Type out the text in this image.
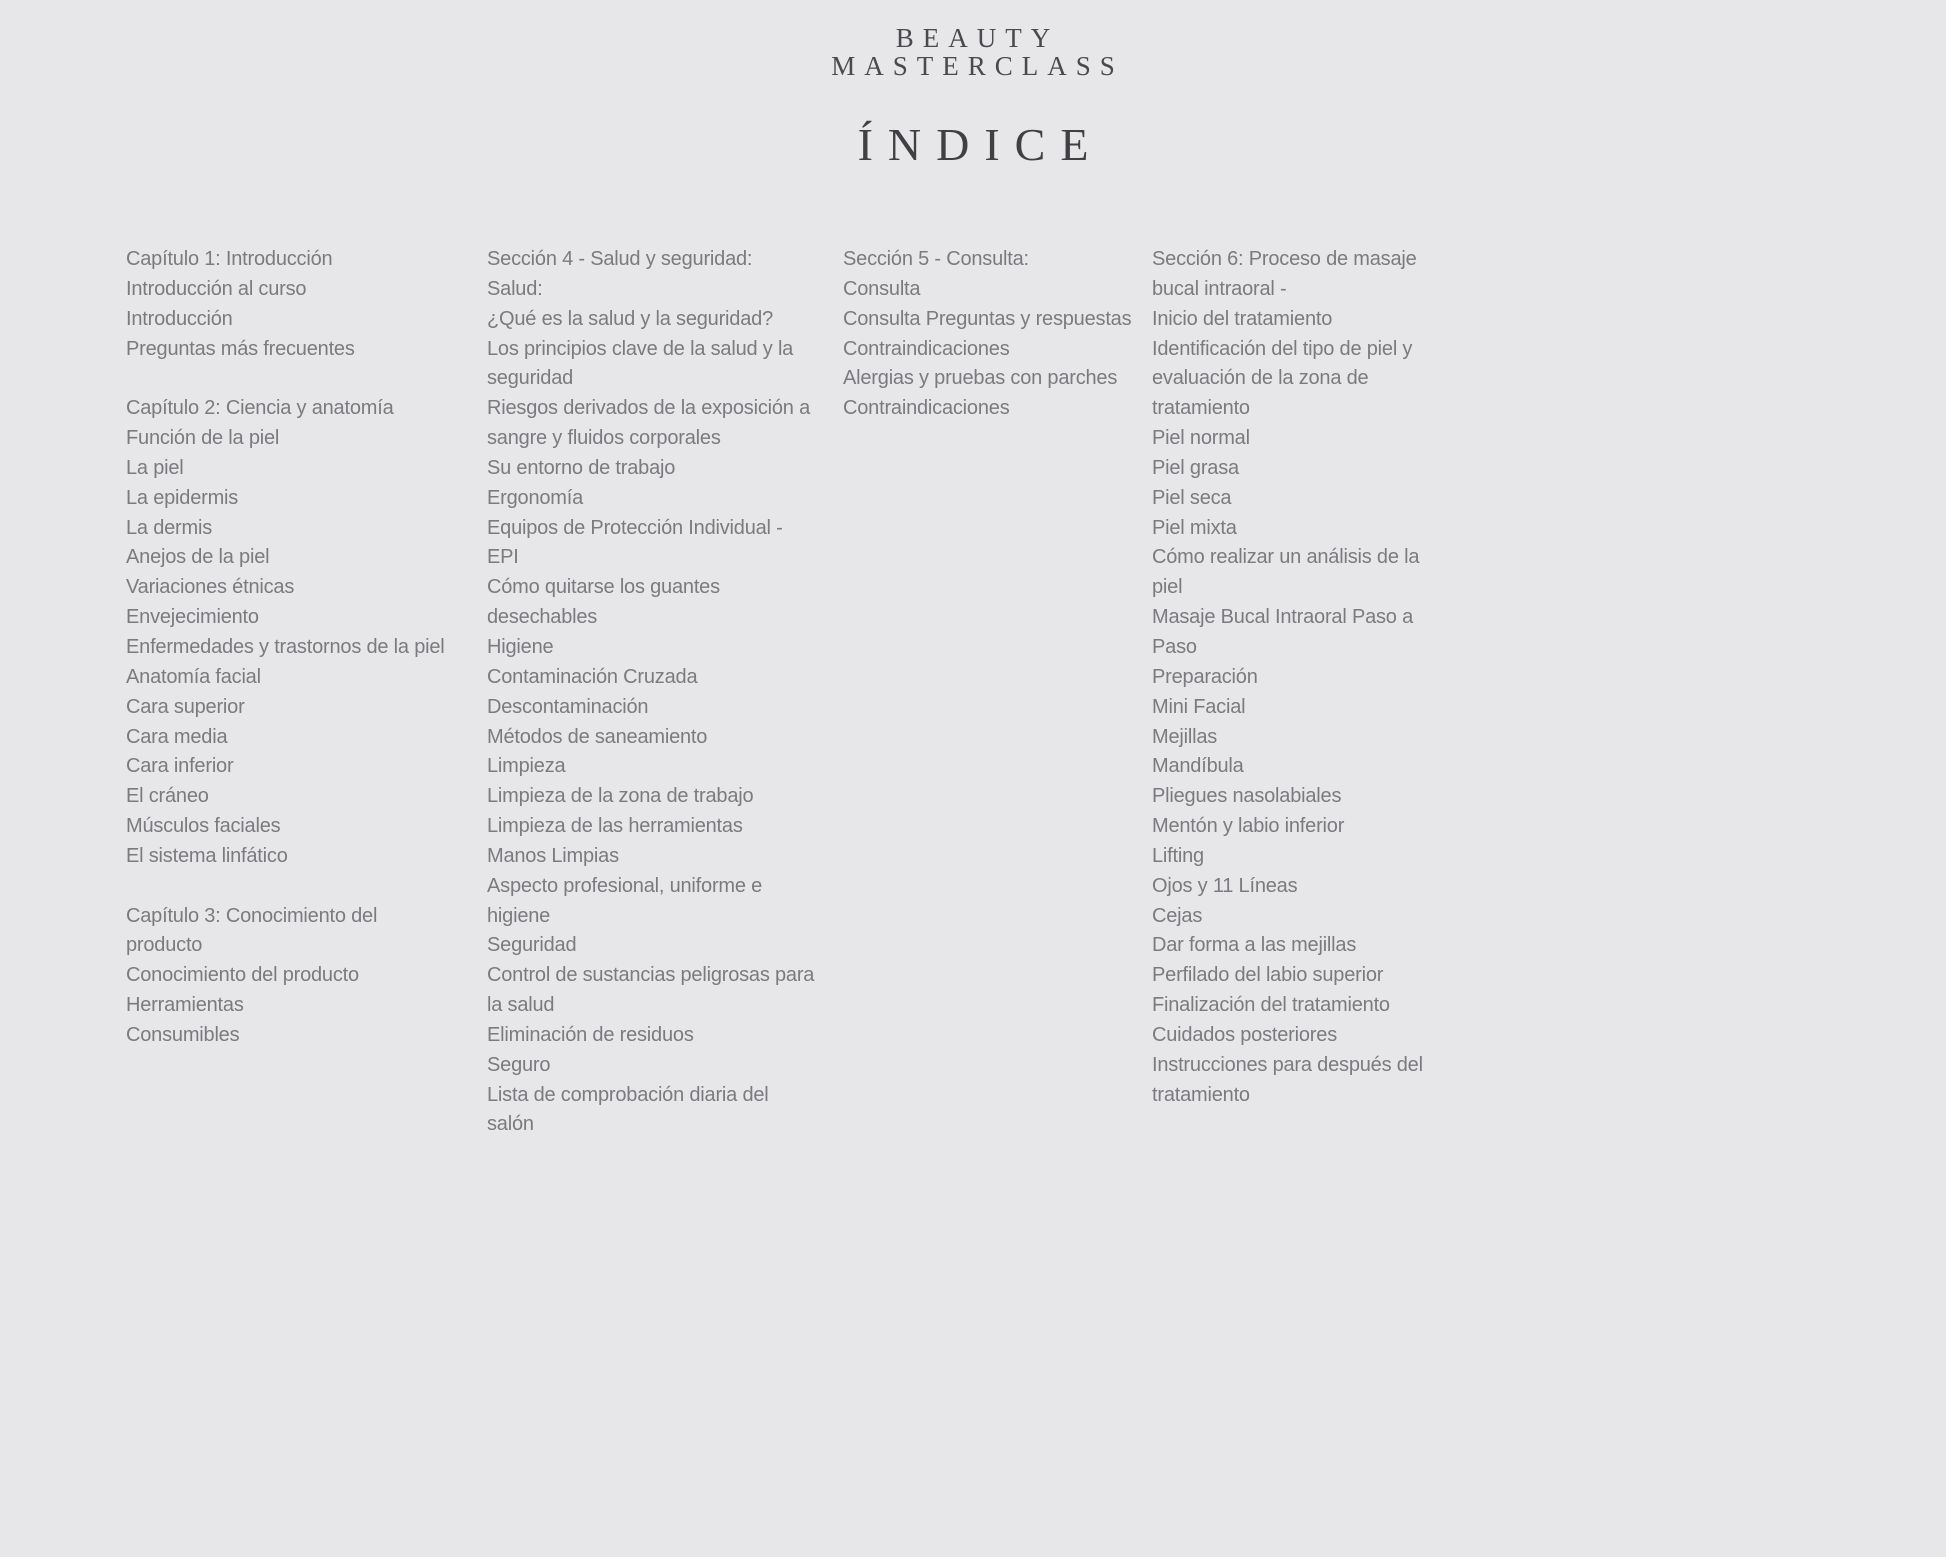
BEAUTY
MASTERCLASS
ÍNDICE
Capítulo 1: Introducción
Introducción al curso
Introducción
Preguntas más frecuentes
Capítulo 2: Ciencia y anatomía
Función de la piel
La piel
La epidermis
La dermis
Anejos de la piel
Variaciones étnicas
Envejecimiento
Enfermedades y trastornos de la piel
Anatomía facial
Cara superior
Cara media
Cara inferior
El cráneo
Músculos faciales
El sistema linfático
Capítulo 3: Conocimiento del
producto
Conocimiento del producto
Herramientas
Consumibles
Sección 4 - Salud y seguridad:
Salud:
¿Qué es la salud y la seguridad?
Los principios clave de la salud y la
seguridad
Riesgos derivados de la exposición a
sangre y fluidos corporales
Su entorno de trabajo
Ergonomía
Equipos de Protección Individual -
EPI
Cómo quitarse los guantes
desechables
Higiene
Contaminación Cruzada
Descontaminación
Métodos de saneamiento
Limpieza
Limpieza de la zona de trabajo
Limpieza de las herramientas
Manos Limpias
Aspecto profesional, uniforme e
higiene
Seguridad
Control de sustancias peligrosas para
la salud
Eliminación de residuos
Seguro
Lista de comprobación diaria del
salón
Sección 5 - Consulta:
Consulta
Consulta Preguntas y respuestas
Contraindicaciones
Alergias y pruebas con parches
Contraindicaciones
Sección 6: Proceso de masaje
bucal intraoral -
Inicio del tratamiento
Identificación del tipo de piel y
evaluación de la zona de
tratamiento
Piel normal
Piel grasa
Piel seca
Piel mixta
Cómo realizar un análisis de la
piel
Masaje Bucal Intraoral Paso a
Paso
Preparación
Mini Facial
Mejillas
Mandíbula
Pliegues nasolabiales
Mentón y labio inferior
Lifting
Ojos y 11 Líneas
Cejas
Dar forma a las mejillas
Perfilado del labio superior
Finalización del tratamiento
Cuidados posteriores
Instrucciones para después del
tratamiento
